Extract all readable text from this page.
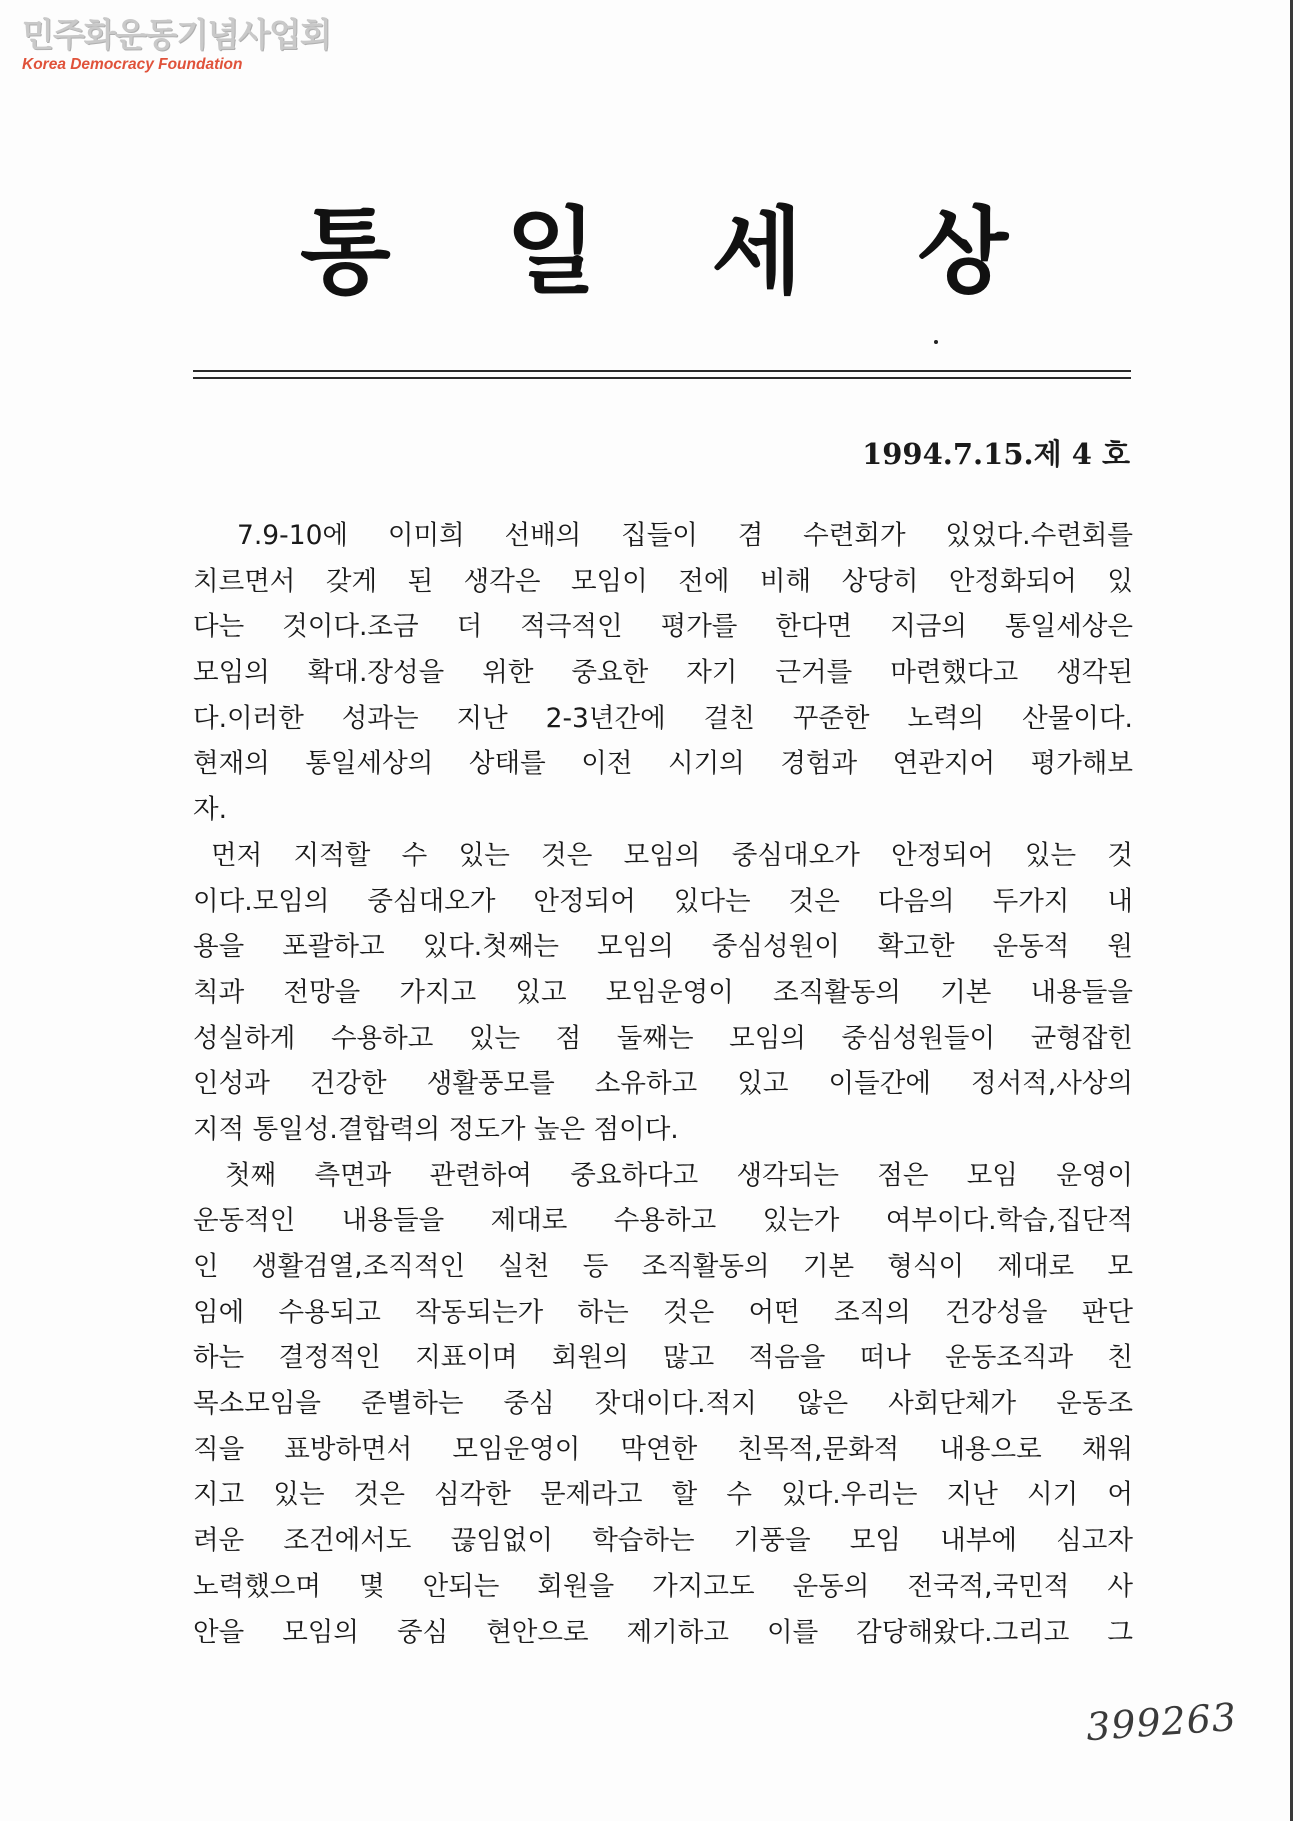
민주화운동기념사업회
Korea Democracy Foundation
통일세상
1994.7.15.제 4 호
7.9-10에 이미희 선배의 집들이 겸 수련회가 있었다.수련회를
치르면서 갖게 된 생각은 모임이 전에 비해 상당히 안정화되어 있
다는 것이다.조금 더 적극적인 평가를 한다면 지금의 통일세상은
모임의 확대.장성을 위한 중요한 자기 근거를 마련했다고 생각된
다.이러한 성과는 지난 2-3년간에 걸친 꾸준한 노력의 산물이다.
현재의 통일세상의 상태를 이전 시기의 경험과 연관지어 평가해보
자.
먼저 지적할 수 있는 것은 모임의 중심대오가 안정되어 있는 것
이다.모임의 중심대오가 안정되어 있다는 것은 다음의 두가지 내
용을 포괄하고 있다.첫째는 모임의 중심성원이 확고한 운동적 원
칙과 전망을 가지고 있고 모임운영이 조직활동의 기본 내용들을
성실하게 수용하고 있는 점 둘째는 모임의 중심성원들이 균형잡힌
인성과 건강한 생활풍모를 소유하고 있고 이들간에 정서적,사상의
지적 통일성.결합력의 정도가 높은 점이다.
첫째 측면과 관련하여 중요하다고 생각되는 점은 모임 운영이
운동적인 내용들을 제대로 수용하고 있는가 여부이다.학습,집단적
인 생활검열,조직적인 실천 등 조직활동의 기본 형식이 제대로 모
임에 수용되고 작동되는가 하는 것은 어떤 조직의 건강성을 판단
하는 결정적인 지표이며 회원의 많고 적음을 떠나 운동조직과 친
목소모임을 준별하는 중심 잣대이다.적지 않은 사회단체가 운동조
직을 표방하면서 모임운영이 막연한 친목적,문화적 내용으로 채워
지고 있는 것은 심각한 문제라고 할 수 있다.우리는 지난 시기 어
려운 조건에서도 끊임없이 학습하는 기풍을 모임 내부에 심고자
노력했으며 몇 안되는 회원을 가지고도 운동의 전국적,국민적 사
안을 모임의 중심 현안으로 제기하고 이를 감당해왔다.그리고 그
399263
